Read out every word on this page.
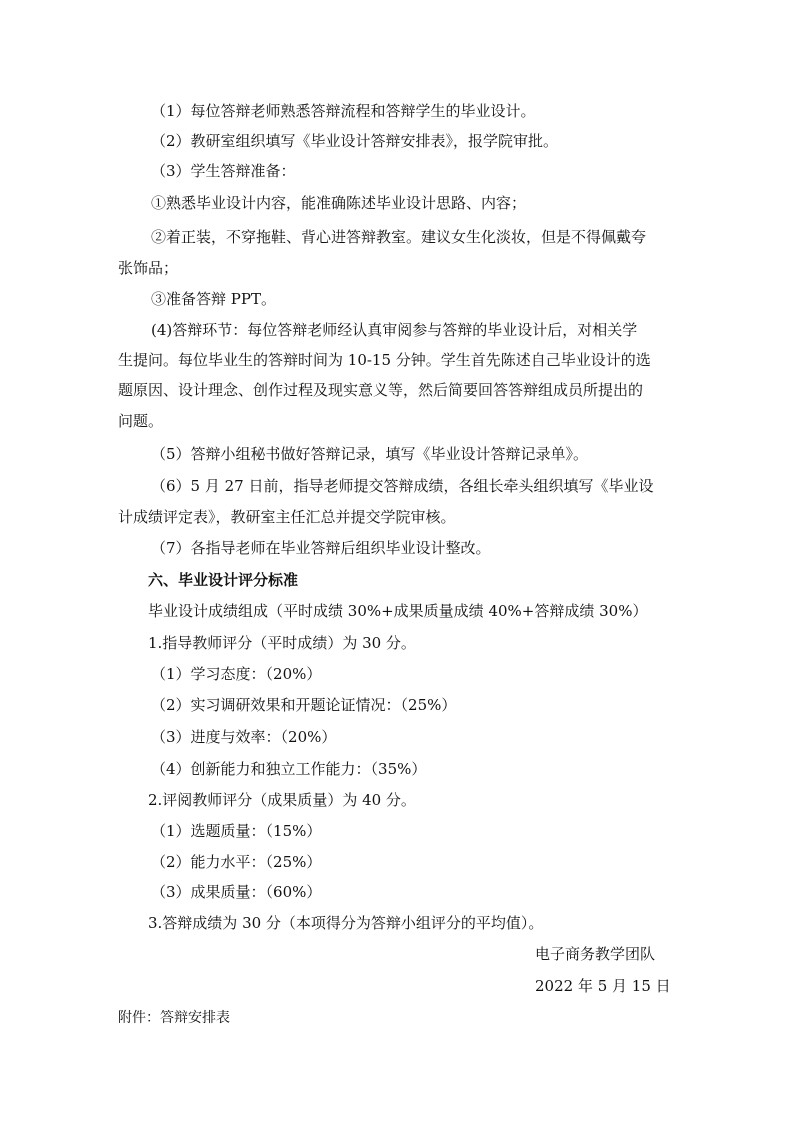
（1）每位答辩老师熟悉答辩流程和答辩学生的毕业设计。
（2）教研室组织填写《毕业设计答辩安排表》，报学院审批。
（3）学生答辩准备：
①熟悉毕业设计内容，能准确陈述毕业设计思路、内容；
②着正装，不穿拖鞋、背心进答辩教室。建议女生化淡妆，但是不得佩戴夸
张饰品；
③准备答辩 PPT。
(4)答辩环节：每位答辩老师经认真审阅参与答辩的毕业设计后，对相关学
生提问。每位毕业生的答辩时间为 10-15 分钟。学生首先陈述自己毕业设计的选
题原因、设计理念、创作过程及现实意义等，然后简要回答答辩组成员所提出的
问题。
（5）答辩小组秘书做好答辩记录，填写《毕业设计答辩记录单》。
（6）5 月 27 日前，指导老师提交答辩成绩，各组长牵头组织填写《毕业设
计成绩评定表》，教研室主任汇总并提交学院审核。
（7）各指导老师在毕业答辩后组织毕业设计整改。
六、毕业设计评分标准
毕业设计成绩组成（平时成绩 30%+成果质量成绩 40%+答辩成绩 30%）
1.指导教师评分（平时成绩）为 30 分。
（1）学习态度：（20%）
（2）实习调研效果和开题论证情况：（25%）
（3）进度与效率：（20%）
（4）创新能力和独立工作能力：（35%）
2.评阅教师评分（成果质量）为 40 分。
（1）选题质量：（15%）
（2）能力水平：（25%）
（3）成果质量：（60%）
3.答辩成绩为 30 分（本项得分为答辩小组评分的平均值）。
电子商务教学团队
2022 年 5 月 15 日
附件：答辩安排表
